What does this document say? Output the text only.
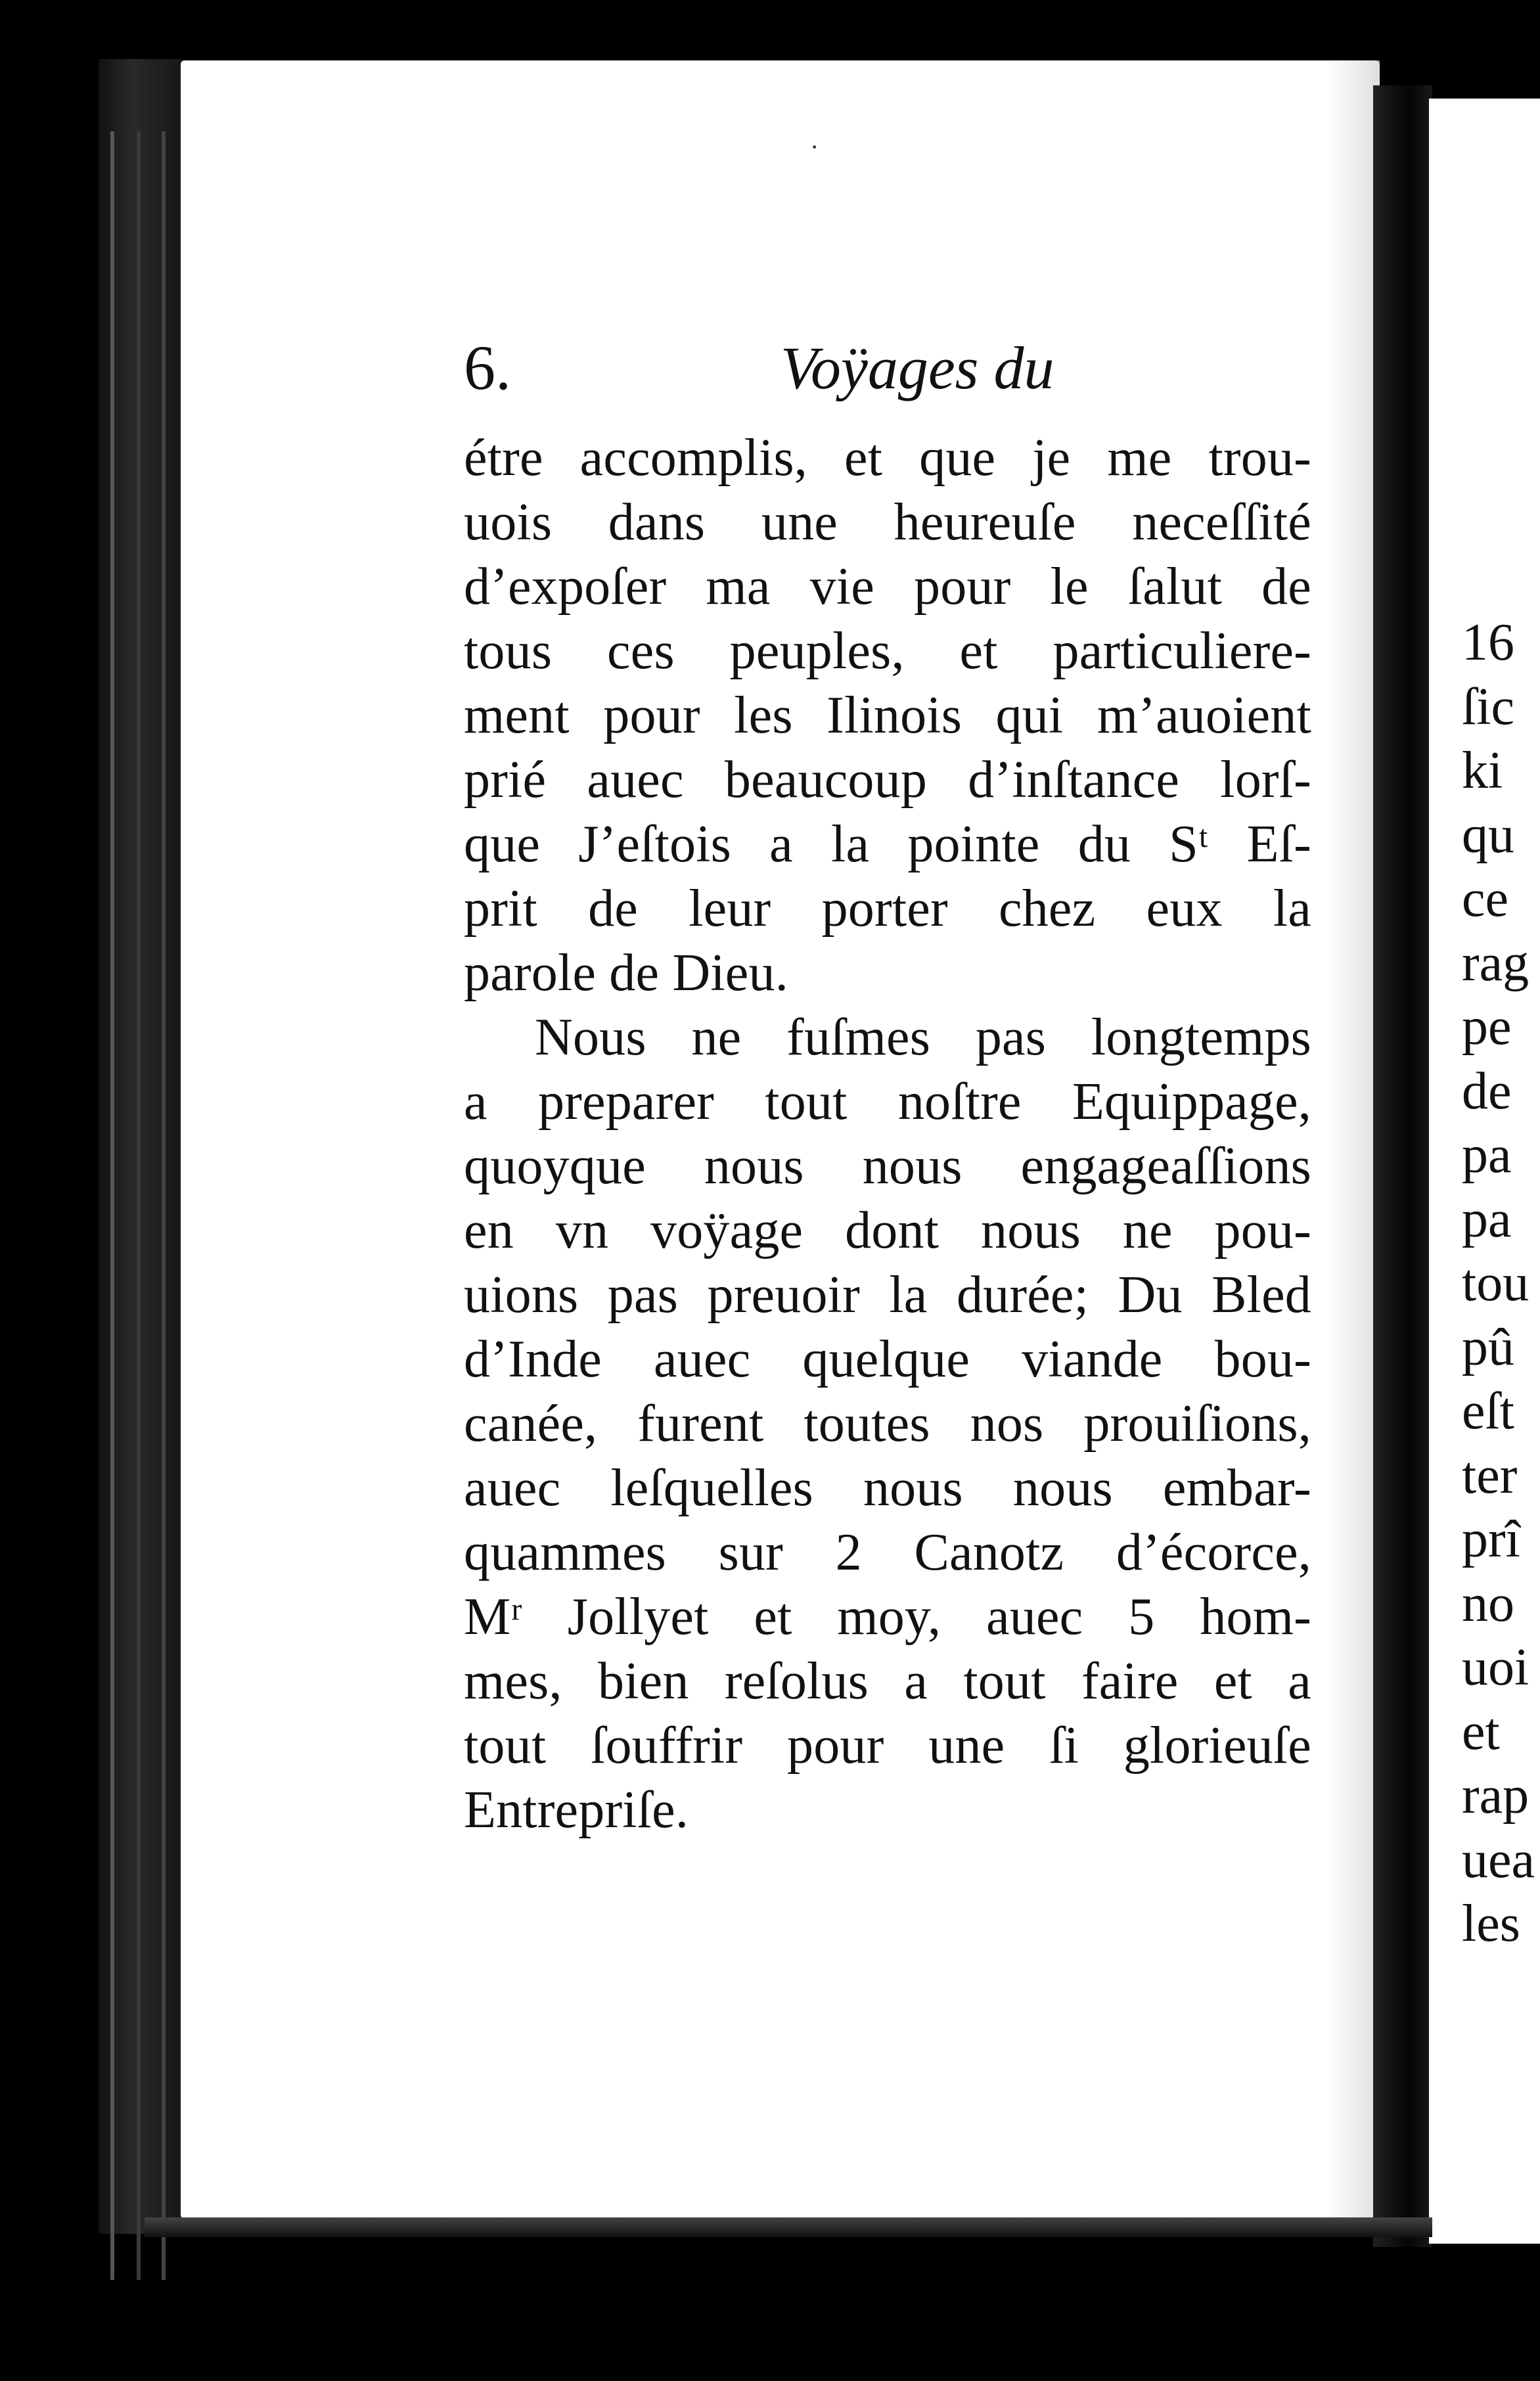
16
ſic
ki
qu
ce
rag
pe
de
pa
pa
tou
pû
eſt
ter
prî
no
uoi
et
rap
uea
les
·
6.	Voÿages du
étre accomplis, et que je me trou-
uois dans une heureuſe neceſſité
d’expoſer ma vie pour le ſalut de
tous ces peuples, et particuliere-
ment pour les Ilinois qui m’auoient
prié auec beaucoup d’inſtance lorſ-
que J’eſtois a la pointe du Sᵗ Eſ-
prit de leur porter chez eux la
parole de Dieu.
Nous ne fuſmes pas longtemps
a preparer tout noſtre Equippage,
quoyque nous nous engageaſſions
en vn voÿage dont nous ne pou-
uions pas preuoir la durée; Du Bled
d’Inde auec quelque viande bou-
canée, furent toutes nos prouiſions,
auec leſquelles nous nous embar-
quammes sur 2 Canotz d’écorce,
Mʳ Jollyet et moy, auec 5 hom-
mes, bien reſolus a tout faire et a
tout ſouffrir pour une ſi glorieuſe
Entrepriſe.
